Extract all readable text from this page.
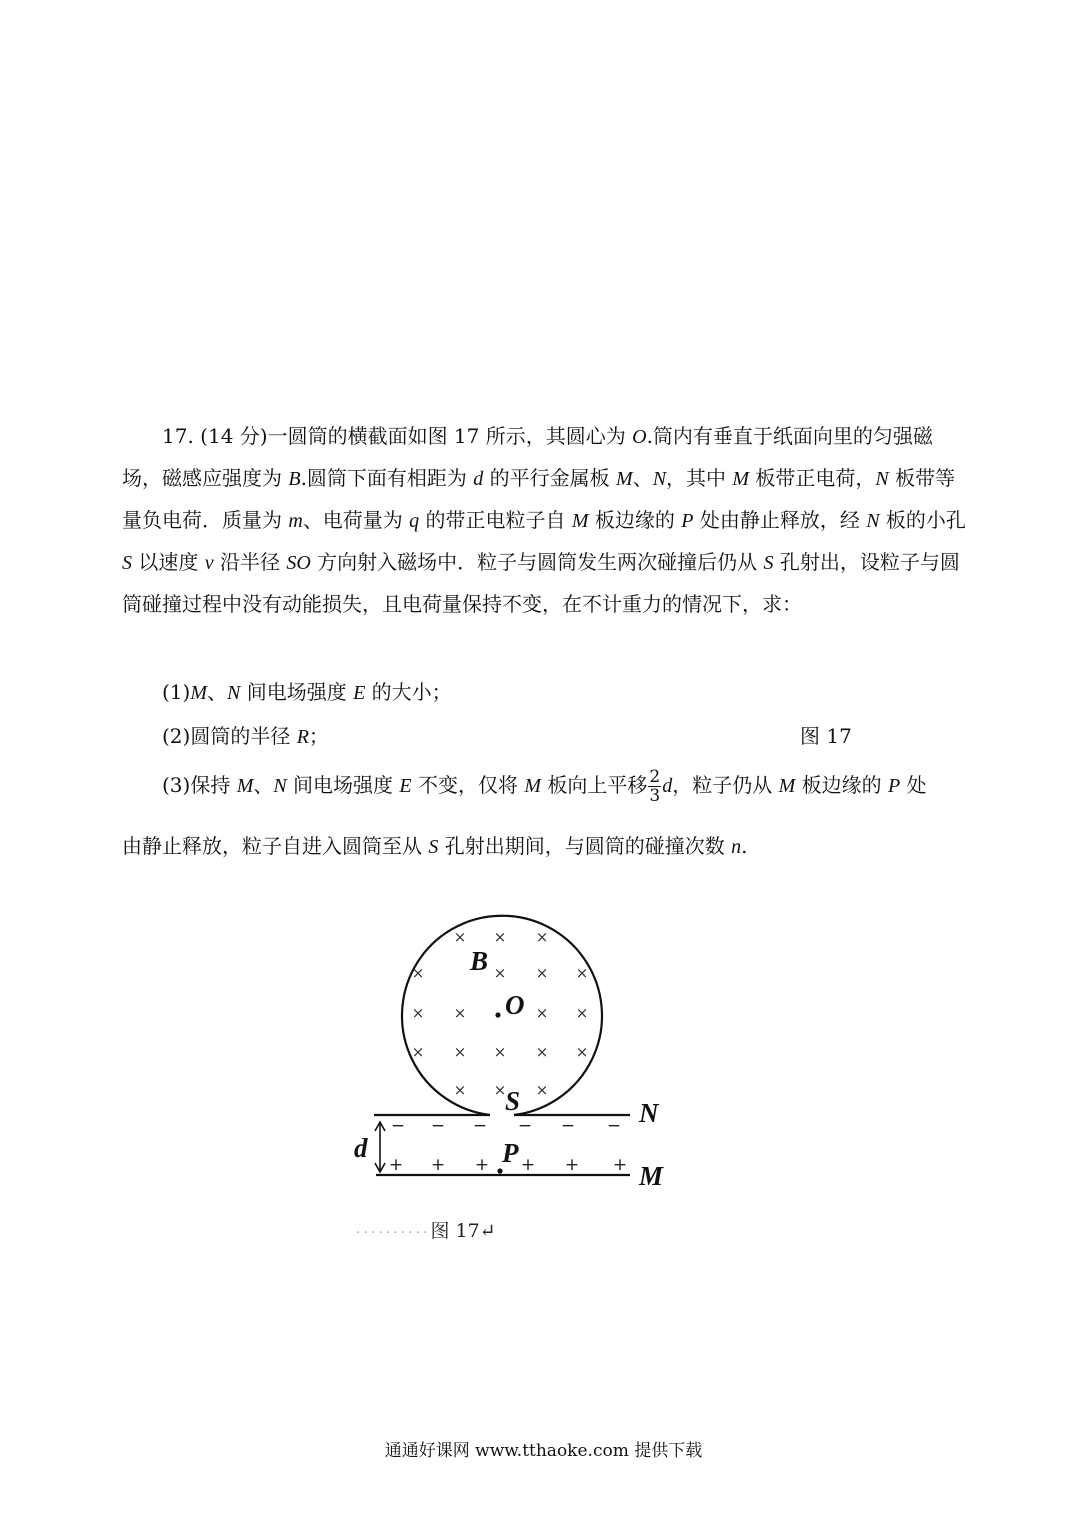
17. (14 分)一圆筒的横截面如图 17 所示，其圆心为 O.筒内有垂直于纸面向里的匀强磁场，磁感应强度为 B.圆筒下面有相距为 d 的平行金属板 M、N，其中 M 板带正电荷，N 板带等量负电荷．质量为 m、电荷量为 q 的带正电粒子自 M 板边缘的 P 处由静止释放，经 N 板的小孔 S 以速度 v 沿半径 SO 方向射入磁场中．粒子与圆筒发生两次碰撞后仍从 S 孔射出，设粒子与圆筒碰撞过程中没有动能损失，且电荷量保持不变，在不计重力的情况下，求：

(1)M、N 间电场强度 E 的大小；
(2)圆筒的半径 R；	图 17
(3)保持 M、N 间电场强度 E 不变，仅将 M 板向上平移 $\frac{2}{3}$ d，粒子仍从 M 板边缘的 P 处
由静止释放，粒子自进入圆筒至从 S 孔射出期间，与圆筒的碰撞次数 n.
× × ×
×	× × ×
× ×	× ×
× × × × ×
× × ×
− − − − − −
+ + + + + +
B
O
S	N
M
P
d
··········图 17↵
通通好课网 www.tthaoke.com 提供下载
